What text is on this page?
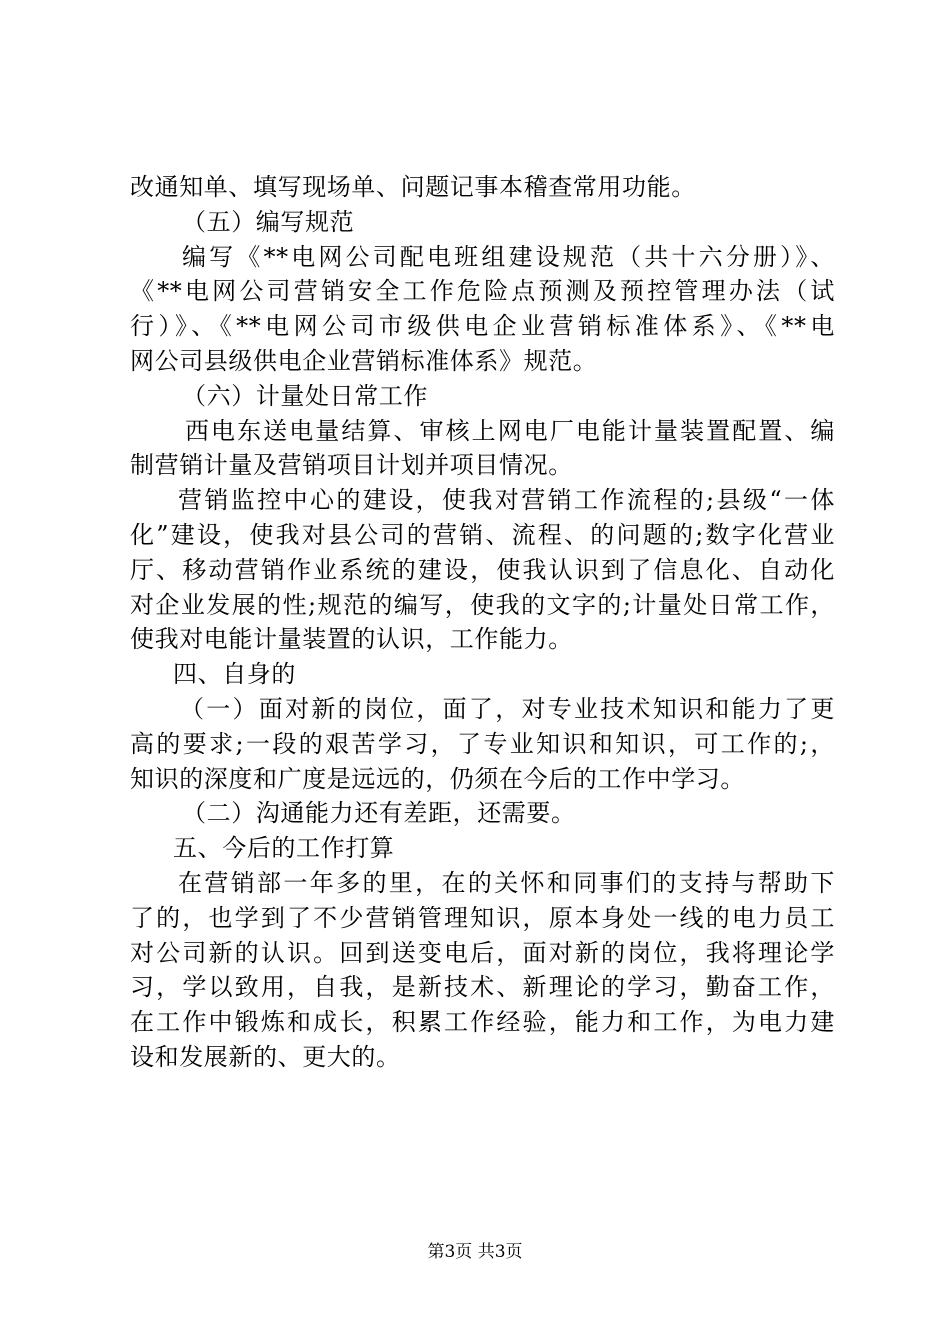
改通知单、填写现场单、问题记事本稽查常用功能。
（五）编写规范
编写《**电网公司配电班组建设规范（共十六分册）》、
《**电网公司营销安全工作危险点预测及预控管理办法（试
行）》、《**电网公司市级供电企业营销标准体系》、《**电
网公司县级供电企业营销标准体系》规范。
（六）计量处日常工作
西电东送电量结算、审核上网电厂电能计量装置配置、编
制营销计量及营销项目计划并项目情况。
营销监控中心的建设，使我对营销工作流程的;县级“一体
化”建设，使我对县公司的营销、流程、的问题的;数字化营业
厅、移动营销作业系统的建设，使我认识到了信息化、自动化
对企业发展的性;规范的编写，使我的文字的;计量处日常工作，
使我对电能计量装置的认识，工作能力。
四、自身的
（一）面对新的岗位，面了，对专业技术知识和能力了更
高的要求;一段的艰苦学习，了专业知识和知识，可工作的;，
知识的深度和广度是远远的，仍须在今后的工作中学习。
（二）沟通能力还有差距，还需要。
五、今后的工作打算
在营销部一年多的里，在的关怀和同事们的支持与帮助下
了的，也学到了不少营销管理知识，原本身处一线的电力员工
对公司新的认识。回到送变电后，面对新的岗位，我将理论学
习，学以致用，自我，是新技术、新理论的学习，勤奋工作，
在工作中锻炼和成长，积累工作经验，能力和工作，为电力建
设和发展新的、更大的。
第3页 共3页
